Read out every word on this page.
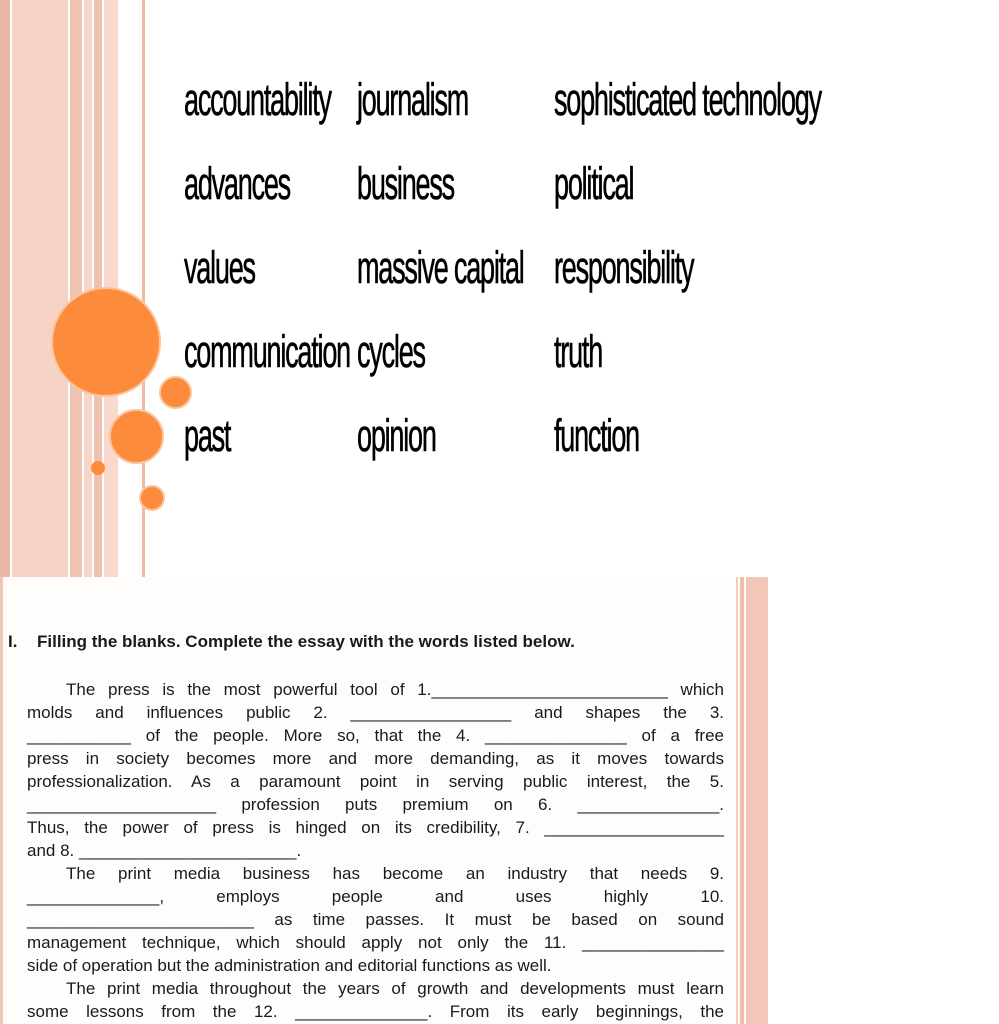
accountability
advances
values
communication
past
journalism
business
massive capital
cycles
opinion
sophisticated technology
political
responsibility
truth
function
I. Filling the blanks. Complete the essay with the words listed below.
The press is the most powerful tool of 1._________________________ which
molds and influences public 2. _________________ and shapes the 3.
___________ of the people. More so, that the 4. _______________ of a free
press in society becomes more and more demanding, as it moves towards
professionalization. As a paramount point in serving public interest, the 5.
____________________ profession puts premium on 6. _______________.
Thus, the power of press is hinged on its credibility, 7. ___________________
and 8. _______________________.
The print media business has become an industry that needs 9.
______________, employs people and uses highly 10.
________________________ as time passes. It must be based on sound
management technique, which should apply not only the 11. _______________
side of operation but the administration and editorial functions as well.
The print media throughout the years of growth and developments must learn
some lessons from the 12. ______________. From its early beginnings, the
